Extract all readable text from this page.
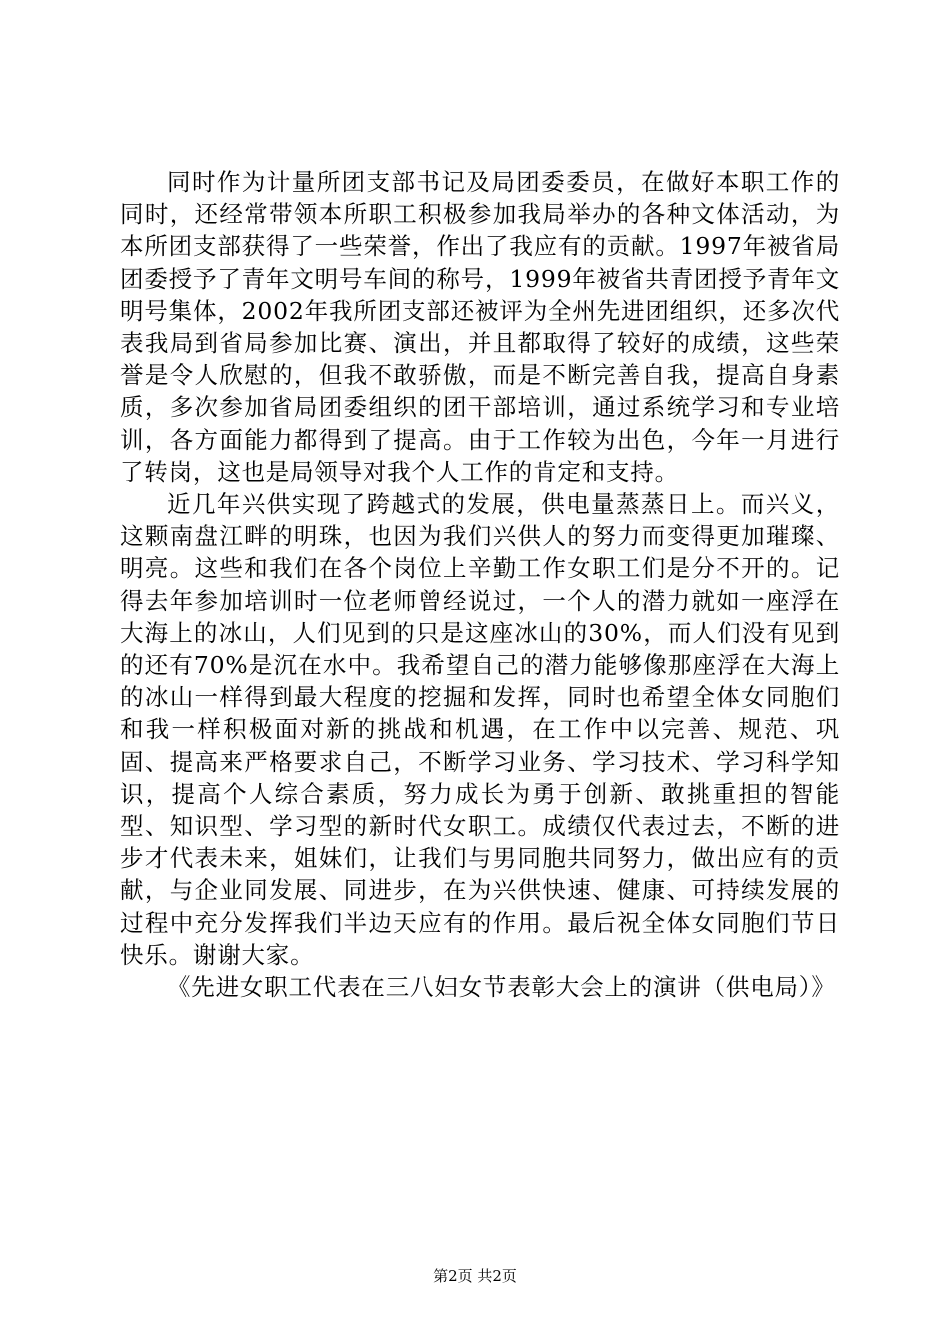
同时作为计量所团支部书记及局团委委员，在做好本职工作的同时，还经常带领本所职工积极参加我局举办的各种文体活动，为本所团支部获得了一些荣誉，作出了我应有的贡献。1997年被省局团委授予了青年文明号车间的称号，1999年被省共青团授予青年文明号集体，2002年我所团支部还被评为全州先进团组织，还多次代表我局到省局参加比赛、演出，并且都取得了较好的成绩，这些荣誉是令人欣慰的，但我不敢骄傲，而是不断完善自我，提高自身素质，多次参加省局团委组织的团干部培训，通过系统学习和专业培训，各方面能力都得到了提高。由于工作较为出色，今年一月进行了转岗，这也是局领导对我个人工作的肯定和支持。

近几年兴供实现了跨越式的发展，供电量蒸蒸日上。而兴义，这颗南盘江畔的明珠，也因为我们兴供人的努力而变得更加璀璨、明亮。这些和我们在各个岗位上辛勤工作女职工们是分不开的。记得去年参加培训时一位老师曾经说过，一个人的潜力就如一座浮在大海上的冰山，人们见到的只是这座冰山的30%，而人们没有见到的还有70%是沉在水中。我希望自己的潜力能够像那座浮在大海上的冰山一样得到最大程度的挖掘和发挥，同时也希望全体女同胞们和我一样积极面对新的挑战和机遇，在工作中以完善、规范、巩固、提高来严格要求自己，不断学习业务、学习技术、学习科学知识，提高个人综合素质，努力成长为勇于创新、敢挑重担的智能型、知识型、学习型的新时代女职工。成绩仅代表过去，不断的进步才代表未来，姐妹们，让我们与男同胞共同努力，做出应有的贡献，与企业同发展、同进步，在为兴供快速、健康、可持续发展的过程中充分发挥我们半边天应有的作用。最后祝全体女同胞们节日快乐。谢谢大家。

《先进女职工代表在三八妇女节表彰大会上的演讲（供电局）》

第2页 共2页
